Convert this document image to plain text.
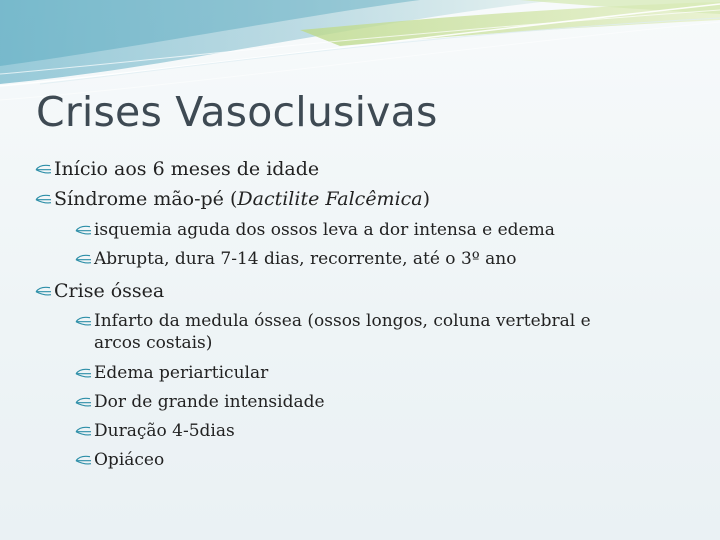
Crises Vasoclusivas
Início aos 6 meses de idade
Síndrome mão-pé (Dactilite Falcêmica)
isquemia aguda dos ossos leva a dor intensa e edema
Abrupta, dura 7-14 dias, recorrente, até o 3º ano
Crise óssea
Infarto da medula óssea (ossos longos, coluna vertebral e
arcos costais)
Edema periarticular
Dor de grande intensidade
Duração 4-5dias
Opiáceo
